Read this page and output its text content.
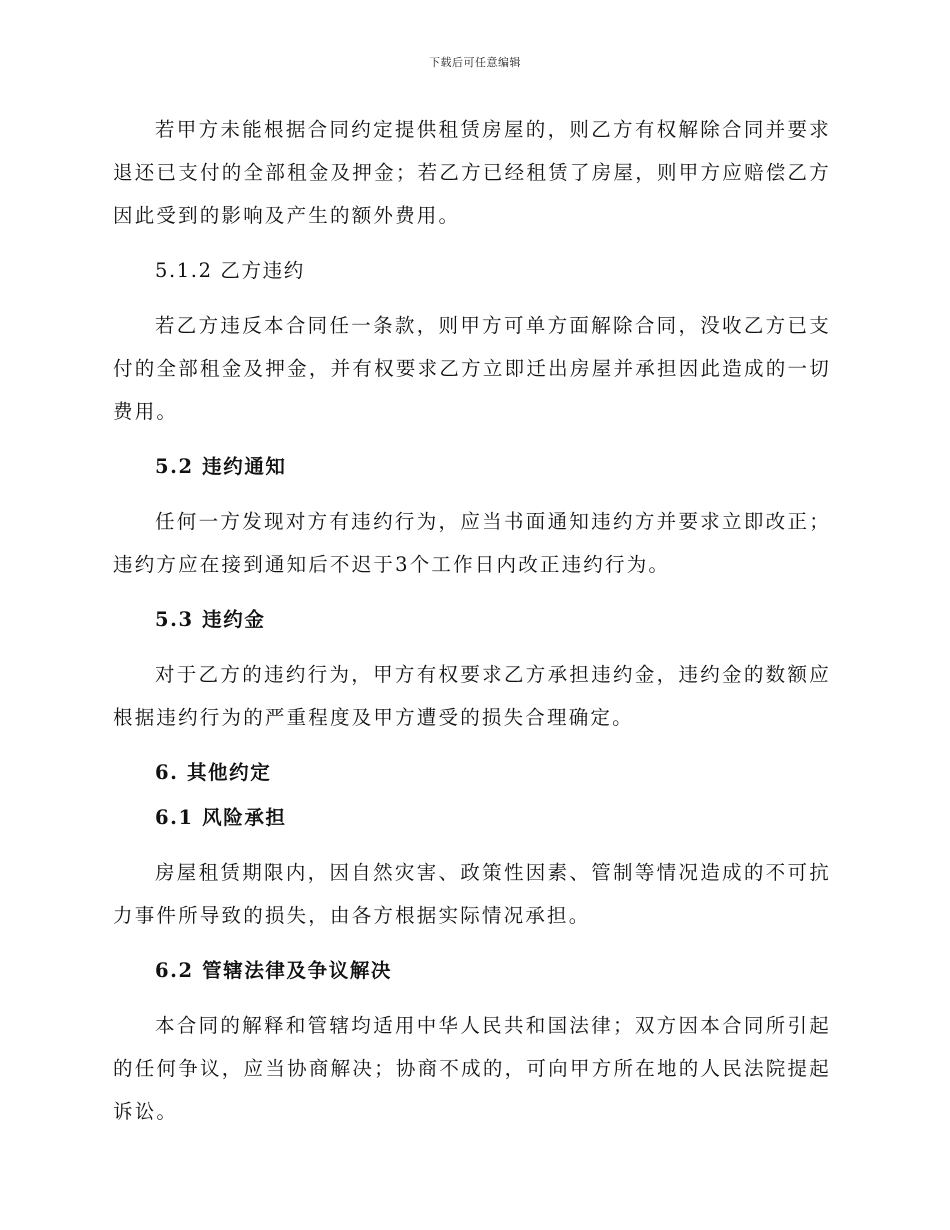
下载后可任意编辑

若甲方未能根据合同约定提供租赁房屋的，则乙方有权解除合同并要求退还已支付的全部租金及押金；若乙方已经租赁了房屋，则甲方应赔偿乙方因此受到的影响及产生的额外费用。

5.1.2 乙方违约

若乙方违反本合同任一条款，则甲方可单方面解除合同，没收乙方已支付的全部租金及押金，并有权要求乙方立即迁出房屋并承担因此造成的一切费用。

5.2 违约通知

任何一方发现对方有违约行为，应当书面通知违约方并要求立即改正；违约方应在接到通知后不迟于3个工作日内改正违约行为。

5.3 违约金

对于乙方的违约行为，甲方有权要求乙方承担违约金，违约金的数额应根据违约行为的严重程度及甲方遭受的损失合理确定。

6. 其他约定

6.1 风险承担

房屋租赁期限内，因自然灾害、政策性因素、管制等情况造成的不可抗力事件所导致的损失，由各方根据实际情况承担。

6.2 管辖法律及争议解决

本合同的解释和管辖均适用中华人民共和国法律；双方因本合同所引起的任何争议，应当协商解决；协商不成的，可向甲方所在地的人民法院提起诉讼。
